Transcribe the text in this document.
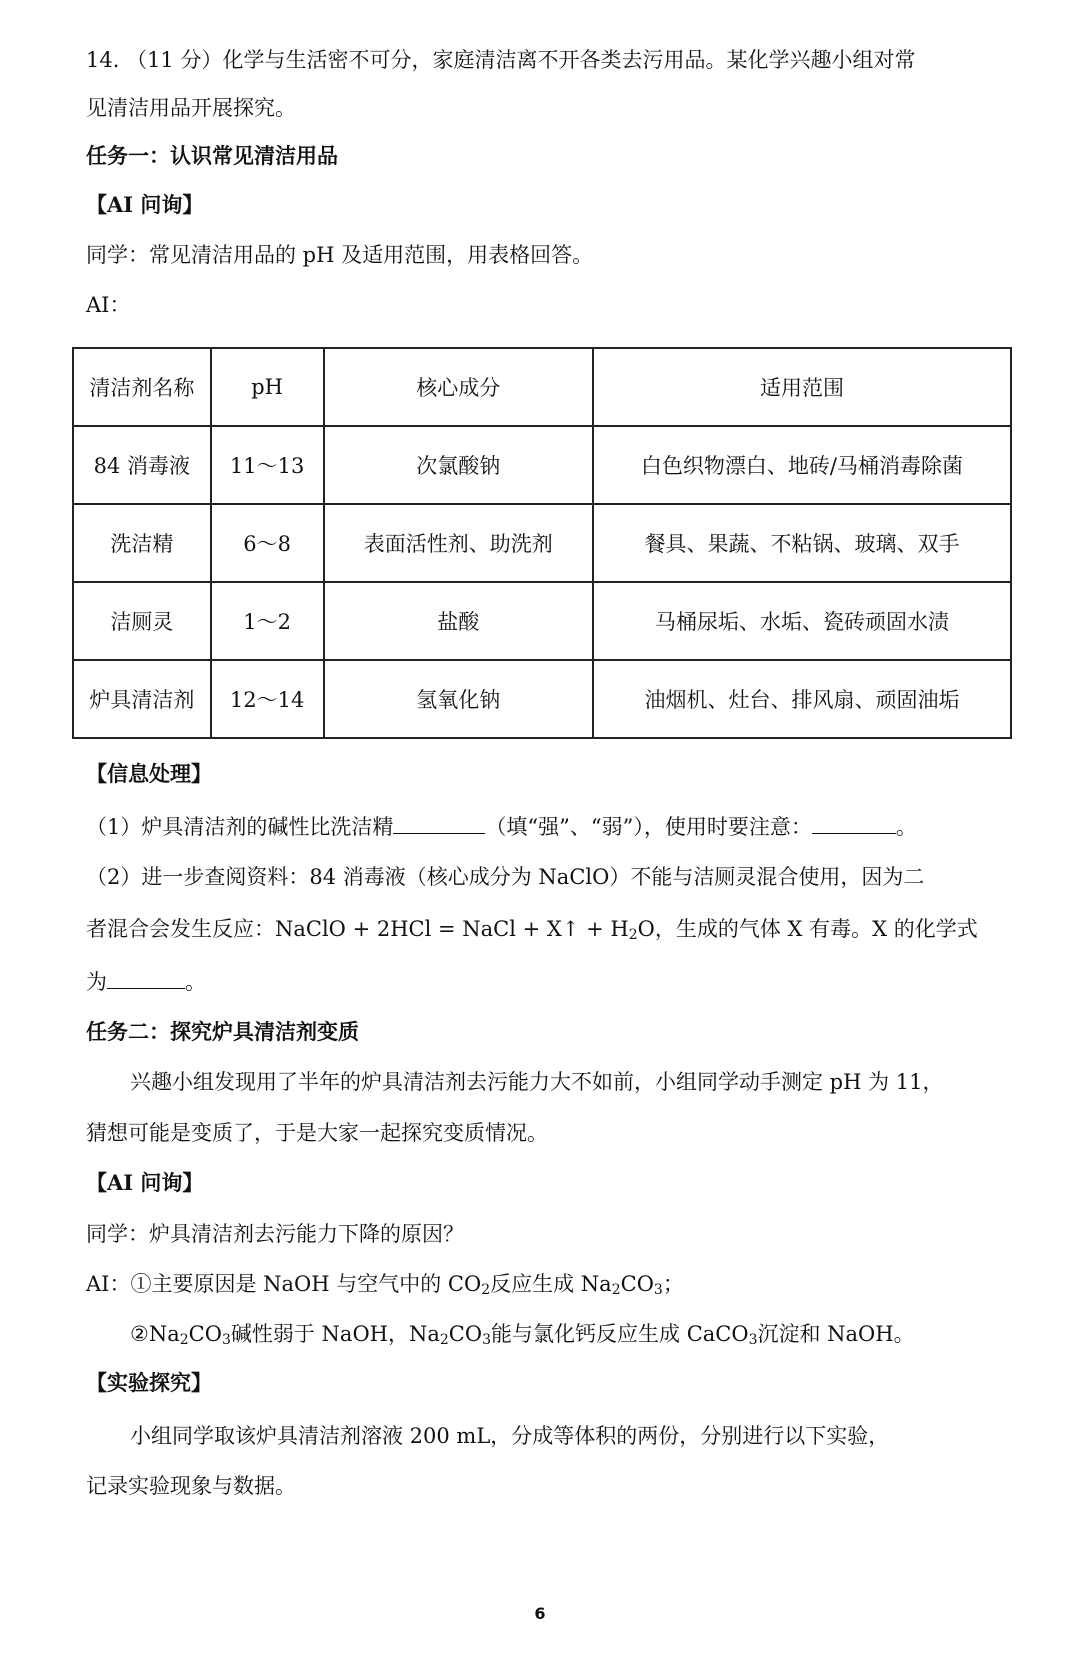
14. （11 分）化学与生活密不可分，家庭清洁离不开各类去污用品。某化学兴趣小组对常
见清洁用品开展探究。
任务一：认识常见清洁用品
【AI 问询】
同学：常见清洁用品的 pH 及适用范围，用表格回答。
AI：
清洁剂名称	pH	核心成分	适用范围
84 消毒液	11～13	次氯酸钠	白色织物漂白、地砖/马桶消毒除菌
洗洁精	6～8	表面活性剂、助洗剂	餐具、果蔬、不粘锅、玻璃、双手
洁厕灵	1～2	盐酸	马桶尿垢、水垢、瓷砖顽固水渍
炉具清洁剂	12～14	氢氧化钠	油烟机、灶台、排风扇、顽固油垢
【信息处理】
（1）炉具清洁剂的碱性比洗洁精	（填“强”、“弱”），使用时要注意：	。
（2）进一步查阅资料：84 消毒液（核心成分为 NaClO）不能与洁厕灵混合使用，因为二
者混合会发生反应：NaClO + 2HCl = NaCl + X↑ + $H_2O$，生成的气体 X 有毒。X 的化学式
为	。
任务二：探究炉具清洁剂变质
兴趣小组发现用了半年的炉具清洁剂去污能力大不如前，小组同学动手测定 pH 为 11，
猜想可能是变质了，于是大家一起探究变质情况。
【AI 问询】
同学：炉具清洁剂去污能力下降的原因？
AI：①主要原因是 NaOH 与空气中的 $CO_2$反应生成 $Na_2CO_3$；
$②Na_2CO_3$碱性弱于 NaOH，$Na_2CO_3$能与氯化钙反应生成 CaCO$_3$沉淀和 NaOH。
【实验探究】
小组同学取该炉具清洁剂溶液 200 mL，分成等体积的两份，分别进行以下实验，
记录实验现象与数据。
6
